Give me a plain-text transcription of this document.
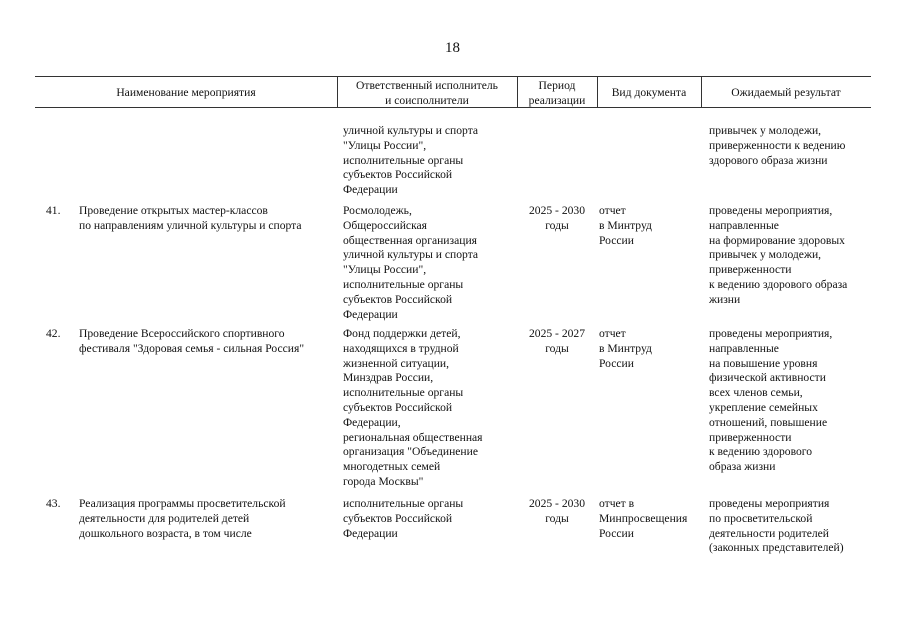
18
Наименование мероприятия
Ответственный исполнитель
и соисполнители
Период
реализации
Вид документа	Ожидаемый результат
уличной культуры и спорта
"Улицы России",
исполнительные органы
субъектов Российской
Федерации
привычек у молодежи,
приверженности к ведению
здорового образа жизни
41. Проведение открытых мастер-классов
по направлениям уличной культуры и спорта
Росмолодежь,
Общероссийская
общественная организация
уличной культуры и спорта
"Улицы России",
исполнительные органы
субъектов Российской
Федерации
2025 - 2030
годы
отчет
в Минтруд
России
проведены мероприятия,
направленные
на формирование здоровых
привычек у молодежи,
приверженности
к ведению здорового образа
жизни
42. Проведение Всероссийского спортивного
фестиваля "Здоровая семья - сильная Россия"
Фонд поддержки детей,
находящихся в трудной
жизненной ситуации,
Минздрав России,
исполнительные органы
субъектов Российской
Федерации,
региональная общественная
организация "Объединение
многодетных семей
города Москвы"
2025 - 2027
годы
отчет
в Минтруд
России
проведены мероприятия,
направленные
на повышение уровня
физической активности
всех членов семьи,
укрепление семейных
отношений, повышение
приверженности
к ведению здорового
образа жизни
43. Реализация программы просветительской
деятельности для родителей детей
дошкольного возраста, в том числе
исполнительные органы
субъектов Российской
Федерации
2025 - 2030
годы
отчет в
Минпросвещения
России
проведены мероприятия
по просветительской
деятельности родителей
(законных представителей)
